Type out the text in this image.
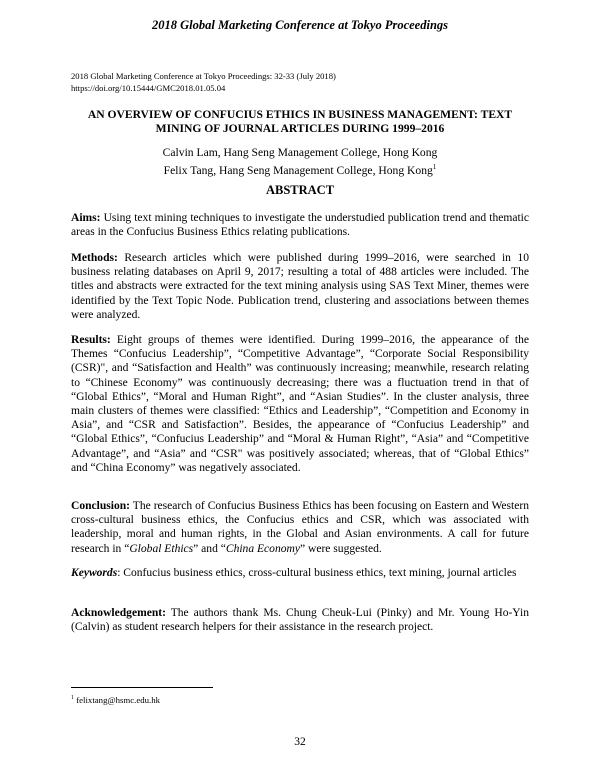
2018 Global Marketing Conference at Tokyo Proceedings
2018 Global Marketing Conference at Tokyo Proceedings: 32-33 (July 2018)
https://doi.org/10.15444/GMC2018.01.05.04
AN OVERVIEW OF CONFUCIUS ETHICS IN BUSINESS MANAGEMENT: TEXT
MINING OF JOURNAL ARTICLES DURING 1999–2016
Calvin Lam, Hang Seng Management College, Hong Kong
Felix Tang, Hang Seng Management College, Hong Kong$^1$
ABSTRACT
Aims: Using text mining techniques to investigate the understudied publication trend and thematic areas in the Confucius Business Ethics relating publications.
Methods: Research articles which were published during 1999–2016, were searched in 10 business relating databases on April 9, 2017; resulting a total of 488 articles were included. The titles and abstracts were extracted for the text mining analysis using SAS Text Miner, themes were identified by the Text Topic Node. Publication trend, clustering and associations between themes were analyzed.
Results: Eight groups of themes were identified. During 1999–2016, the appearance of the Themes “Confucius Leadership”, “Competitive Advantage”, “Corporate Social Responsibility (CSR)", and “Satisfaction and Health” was continuously increasing; meanwhile, research relating to “Chinese Economy” was continuously decreasing; there was a fluctuation trend in that of “Global Ethics”, “Moral and Human Right”, and “Asian Studies”. In the cluster analysis, three main clusters of themes were classified: “Ethics and Leadership”, “Competition and Economy in Asia”, and “CSR and Satisfaction”. Besides, the appearance of “Confucius Leadership” and “Global Ethics”, “Confucius Leadership” and “Moral & Human Right”, “Asia” and “Competitive Advantage”, and “Asia” and “CSR" was positively associated; whereas, that of “Global Ethics” and “China Economy” was negatively associated.
Conclusion: The research of Confucius Business Ethics has been focusing on Eastern and Western cross-cultural business ethics, the Confucius ethics and CSR, which was associated with leadership, moral and human rights, in the Global and Asian environments. A call for future research in “Global Ethics” and “China Economy” were suggested.
Keywords: Confucius business ethics, cross-cultural business ethics, text mining, journal articles
Acknowledgement: The authors thank Ms. Chung Cheuk-Lui (Pinky) and Mr. Young Ho-Yin (Calvin) as student research helpers for their assistance in the research project.
$^1$ felixtang@hsmc.edu.hk
32
